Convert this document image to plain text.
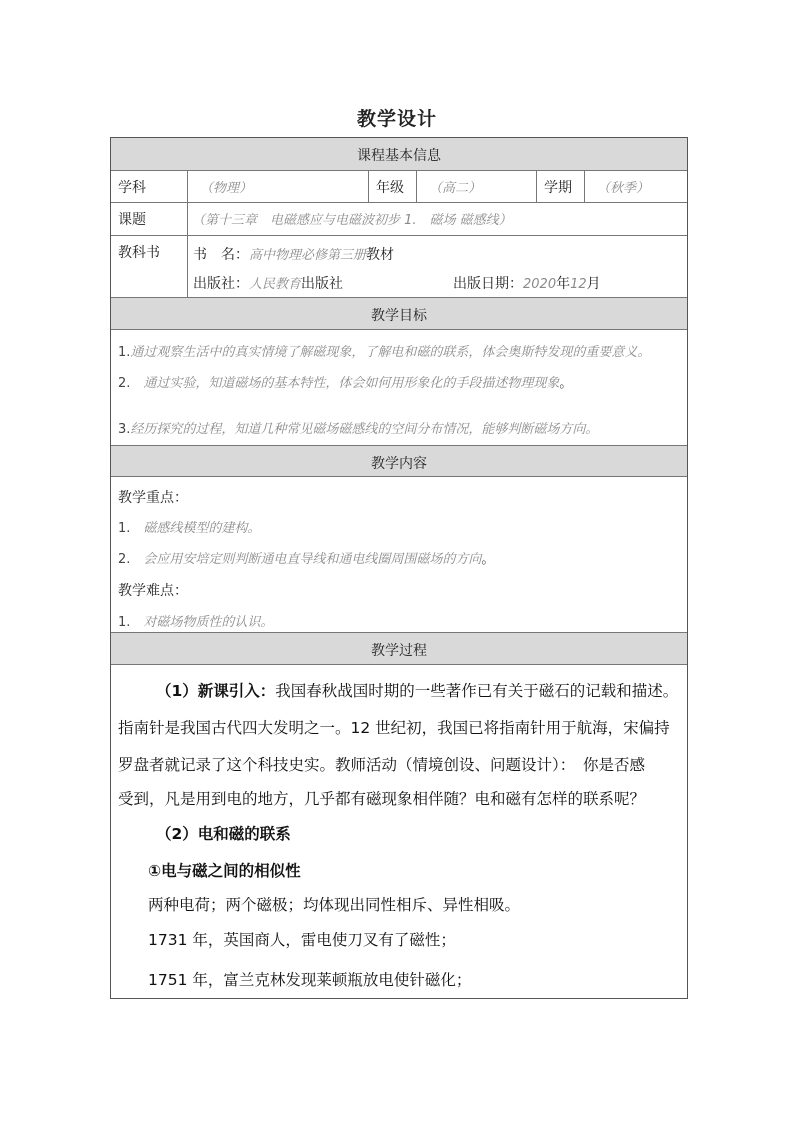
教学设计
课程基本信息
学科	（物理）	年级	（高二）	学期	（秋季）
课题	（第十三章　电磁感应与电磁波初步 1.　磁场 磁感线）
教科书	书　名：高中物理必修第三册教材
出版社：人民教育出版社	出版日期：2020年12月
教学目标
1.通过观察生活中的真实情境了解磁现象，了解电和磁的联系，体会奥斯特发现的重要意义。
2.　通过实验，知道磁场的基本特性，体会如何用形象化的手段描述物理现象。
3.经历探究的过程，知道几种常见磁场磁感线的空间分布情况，能够判断磁场方向。
教学内容
教学重点：
1.　磁感线模型的建构。
2.　会应用安培定则判断通电直导线和通电线圈周围磁场的方向。
教学难点：
1.　对磁场物质性的认识。
教学过程
（1）新课引入：我国春秋战国时期的一些著作已有关于磁石的记载和描述。
指南针是我国古代四大发明之一。12 世纪初，我国已将指南针用于航海，宋偏持
罗盘者就记录了这个科技史实。教师活动（情境创设、问题设计）：　你是否感
受到，凡是用到电的地方，几乎都有磁现象相伴随？电和磁有怎样的联系呢？
（2）电和磁的联系
①电与磁之间的相似性
两种电荷；两个磁极；均体现出同性相斥、异性相吸。
1731 年，英国商人，雷电使刀叉有了磁性；
1751 年，富兰克林发现莱顿瓶放电使针磁化；
